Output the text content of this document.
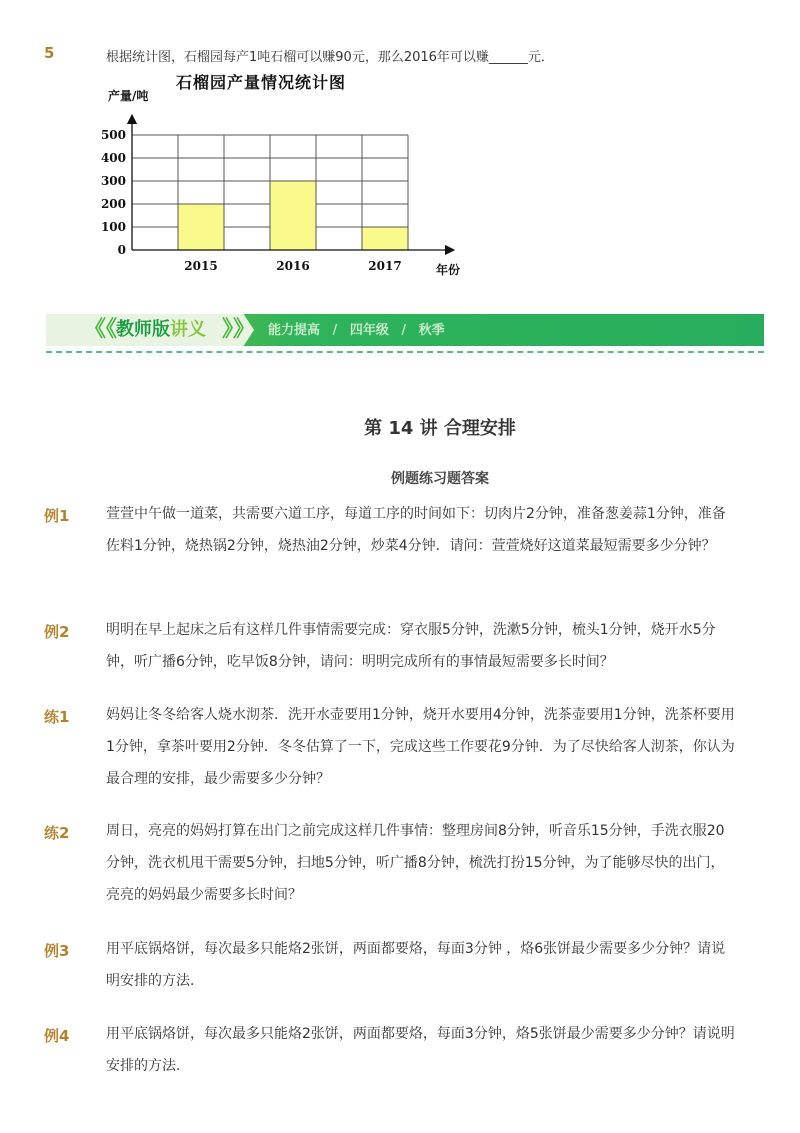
5	根据统计图，石榴园每产1吨石榴可以赚90元，那么2016年可以赚______元．
石榴园产量情况统计图
2015	2016	2017
0
100
200
300
400
500
产量/吨
年份
《《
教师版讲义 》》 能力提高 / 四年级 / 秋季
第 14 讲 合理安排
例题练习题答案
例1	萱萱中午做一道菜，共需要六道工序，每道工序的时间如下：切肉片2分钟，准备葱姜蒜1分钟，准备佐料1分钟，烧热锅2分钟，烧热油2分钟，炒菜4分钟．请问：萱萱烧好这道菜最短需要多少分钟？
例2	明明在早上起床之后有这样几件事情需要完成：穿衣服5分钟，洗漱5分钟，梳头1分钟，烧开水5分钟，听广播6分钟，吃早饭8分钟，请问：明明完成所有的事情最短需要多长时间？
练1	妈妈让冬冬给客人烧水沏茶．洗开水壶要用1分钟，烧开水要用4分钟，洗茶壶要用1分钟，洗茶杯要用1分钟，拿茶叶要用2分钟．冬冬估算了一下，完成这些工作要花9分钟．为了尽快给客人沏茶，你认为最合理的安排，最少需要多少分钟？
练2	周日，亮亮的妈妈打算在出门之前完成这样几件事情：整理房间8分钟，听音乐15分钟，手洗衣服20分钟，洗衣机甩干需要5分钟，扫地5分钟，听广播8分钟，梳洗打扮15分钟，为了能够尽快的出门，亮亮的妈妈最少需要多长时间？
例3	用平底锅烙饼，每次最多只能烙2张饼，两面都要烙，每面3分钟 ，烙6张饼最少需要多少分钟？请说明安排的方法．
例4	用平底锅烙饼，每次最多只能烙2张饼，两面都要烙，每面3分钟，烙5张饼最少需要多少分钟？请说明安排的方法．
